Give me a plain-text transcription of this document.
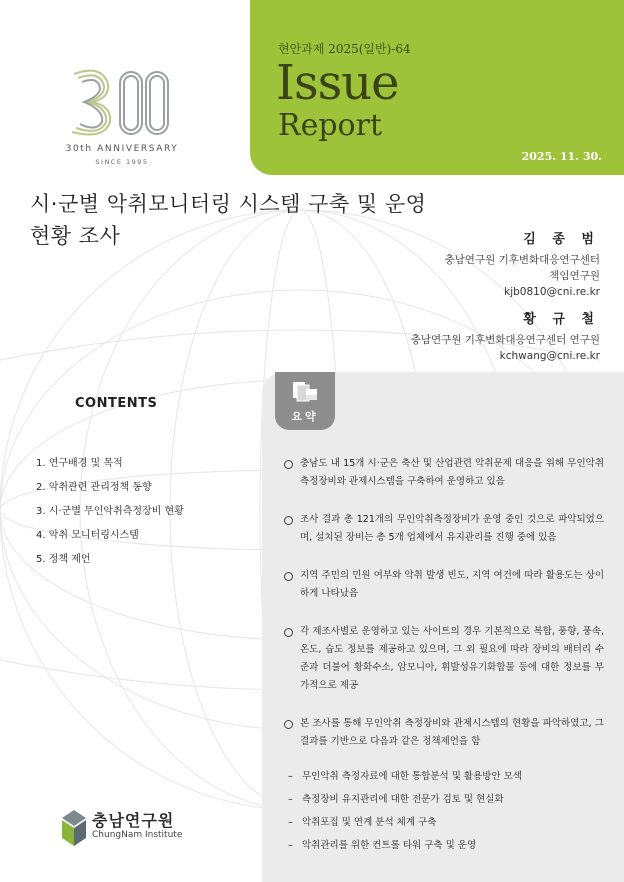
30th ANNIVERSARY
SINCE 1995
현안과제 2025(일반)-64
Issue
Report
2025. 11. 30.
시·군별 악취모니터링 시스템 구축 및 운영
현황 조사	김 종 범
충남연구원 기후변화대응연구센터
책임연구원
kjb0810@cni.re.kr
황 규 철
충남연구원 기후변화대응연구센터 연구원
kchwang@cni.re.kr
CONTENTS
1. 연구배경 및 목적
2. 악취관련 관리정책 동향
3. 시·군별 무인악취측정장비 현황
4. 악취 모니터링시스템
5. 정책 제언
요약
충남도 내 15개 시·군은 축산 및 산업관련 악취문제 대응을 위해 무인악취측정장비와 관제시스템을 구축하여 운영하고 있음
조사 결과 총 121개의 무인악취측정장비가 운영 중인 것으로 파악되었으며, 설치된 장비는 총 5개 업체에서 유지관리를 진행 중에 있음
지역 주민의 민원 여부와 악취 발생 빈도, 지역 여건에 따라 활용도는 상이하게 나타났음
각 제조사별로 운영하고 있는 사이트의 경우 기본적으로 복합, 풍향, 풍속, 온도, 습도 정보를 제공하고 있으며, 그 외 필요에 따라 장비의 배터리 수준과 더불어 황화수소, 암모니아, 휘발성유기화합물 등에 대한 정보를 부가적으로 제공
본 조사를 통해 무인악취 측정장비와 관제시스템의 현황을 파악하였고, 그 결과를 기반으로 다음과 같은 정책제언을 함
– 무인악취 측정자료에 대한 통합분석 및 활용방안 모색
– 측정장비 유지관리에 대한 전문가 검토 및 현실화
– 악취포집 및 연계 분석 체계 구축
– 악취관리를 위한 컨트롤 타워 구축 및 운영
충남연구원
ChungNam Institute
